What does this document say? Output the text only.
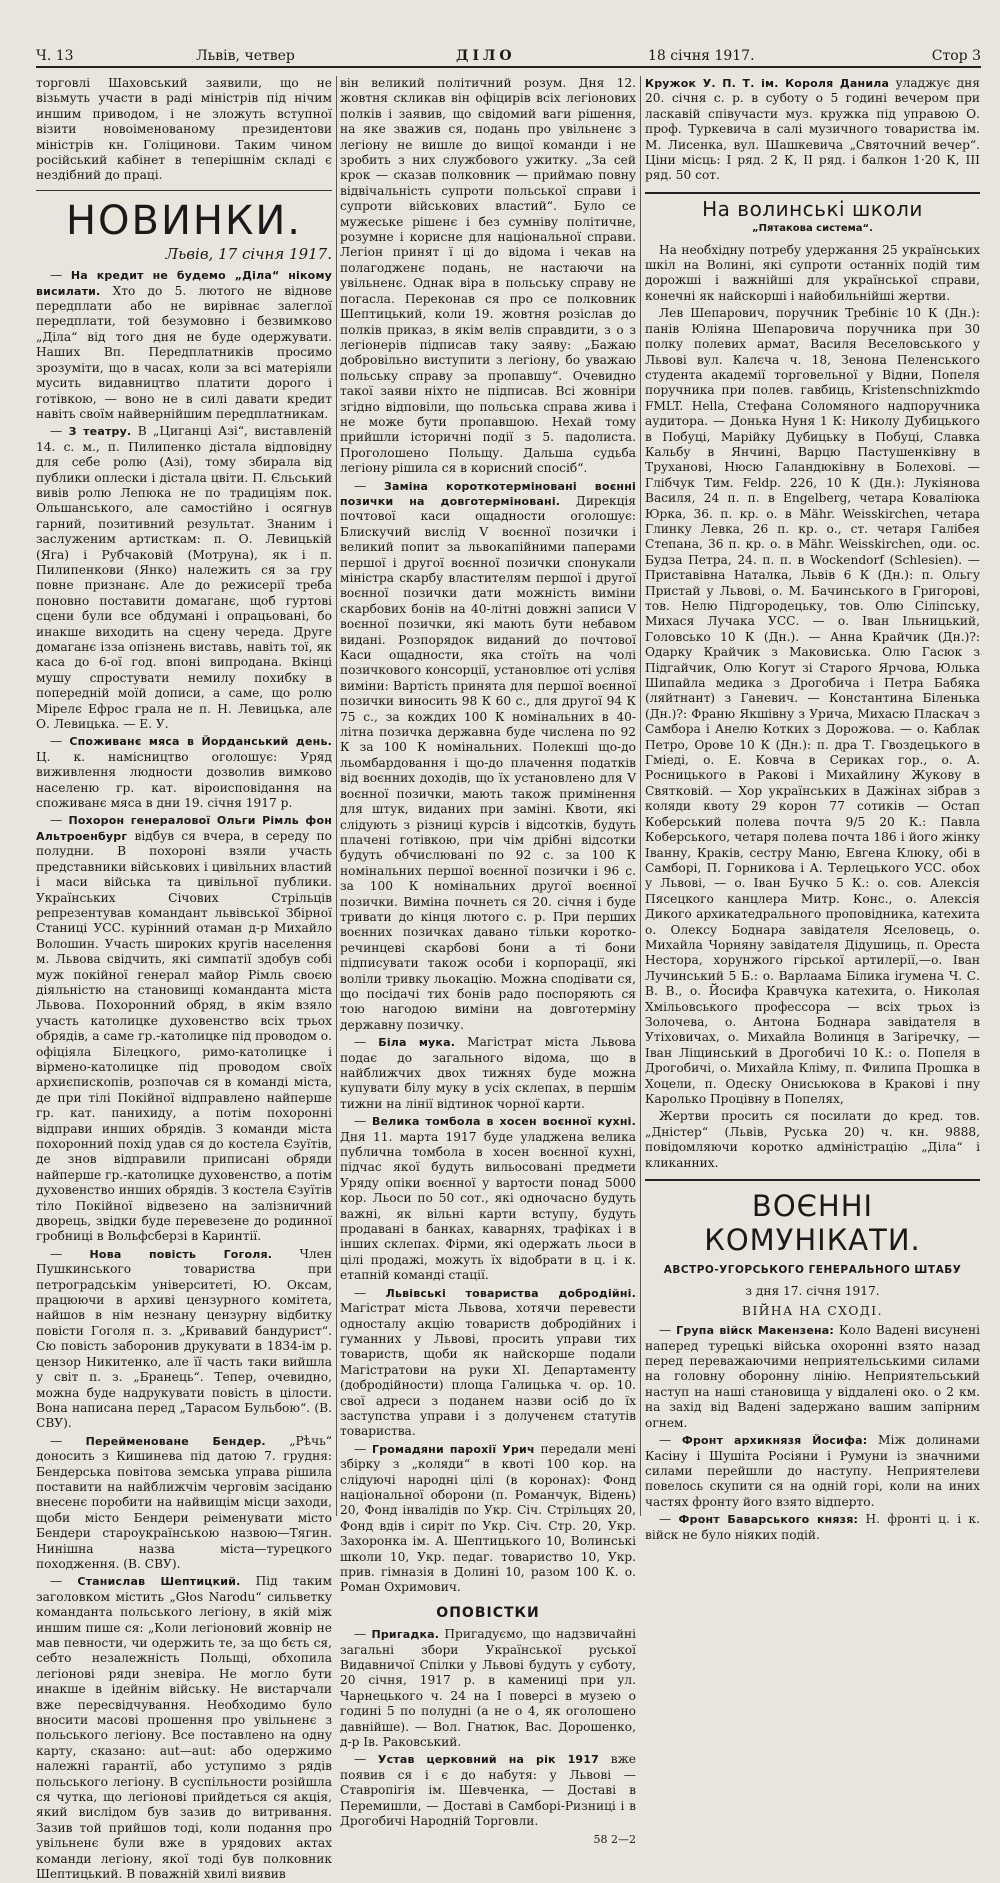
Ч. 13	Львів, четвер	ДІЛО	18 січня 1917.	Стор 3

торговлі Шаховський заявили, що не візьмуть участи в раді міністрів під нічим иншим приводом, і не зложуть вступної візити новоіменованому президентови міністрів кн. Голіцинови. Таким чином російський кабінет в теперішнім складі є нездібний до праці.

НОВИНКИ.
Львів, 17 січня 1917.

— На кредит не будемо „Діла“ нікому висилати. Хто до 5. лютого не віднове передплати або не вирівнає залеглої передплати, той безумовно і безвимково „Діла“ від того дня не буде одержувати. Наших Вп. Передплатників просимо зрозуміти, що в часах, коли за всі матеріяли мусить видавництво платити дорого і готівкою, — воно не в силі давати кредит навіть своїм найвернійшим передплатникам.

— З театру. В „Циганці Азі“, виставленій 14. с. м., п. Пилипенко дістала відповідну для себе ролю (Азі), тому збирала від публики оплески і дістала цвіти. П. Єльський вивів ролю Лепюка не по традиціям пок. Ольшанського, але самостійно і осягнув гарний, позитивний результат. Знаним і заслуженим артисткам: п. О. Левицькій (Яга) і Рубчаковій (Мотруна), як і п. Пилипенкови (Янко) належить ся за гру повне признанє. Але до режисерії треба поновно поставити домаганє, щоб гуртові сцени були все обдумані і опрацьовані, бо инакше виходить на сцену череда. Друге домаганє ізза опізнень виставь, навіть тої, як каса до 6-ої год. впоні випродана. Вкінці мушу спростувати немилу похибку в попередній моїй дописи, а саме, що ролю Мірелє Ефрос грала не п. Н. Левицька, але О. Левицька. — Е. У.

— Споживанє мяса в Йорданський день. Ц. к. намісництво оголошує: Уряд виживлення людности дозволив вимково населеню гр. кат. віроисповідання на споживанє мяса в дни 19. січня 1917 р.

— Похорон генералової Ольги Рімль фон Альтроенбург відбув ся вчера, в середу по полудни. В похороні взяли участь представники військових і цивільних властий і маси війська та цивільної публики. Українських Січових Стрільців репрезентував командант львівської Збірної Станиці УСС. курінний отаман д-р Михайло Волошин. Участь широких кругів населення м. Львова свідчить, які симпатії здобув собі муж покійної генерал майор Рімль своєю діяльністю на становищі команданта міста Львова. Похоронний обряд, в якім взяло участь католицке духовенство всіх трьох обрядів, а саме гр.-католицке під проводом о. офіціяла Білецкого, римо-католицке і вірмено-католицке під проводом своїх архиєпископів, розпочав ся в команді міста, де при тілі Покійної відправлено найперше гр. кат. панихиду, а потім похоронні відправи инших обрядів. З команди міста похоронний похід удав ся до костела Єзуїтів, де знов відправили приписані обряди найперше гр.-католицке духовенство, а потім духовенство инших обрядів. З костела Єзуїтів тіло Покійної відвезено на залізничний дворець, звідки буде перевезене до родинної гробниці в Вольфсберзі в Каринтії.

— Нова повість Гоголя. Член Пушкинського товариства при петроградськім університеті, Ю. Оксам, працюючи в архиві цензурного комітета, найшов в нім незнану цензурну відбитку повісти Гоголя п. з. „Кривавий бандурист“. Сю повість заборонив друкувати в 1834-ім р. цензор Никитенко, але її часть таки вийшла у світ п. з. „Бранець“. Тепер, очевидно, можна буде надрукувати повість в цілости. Вона написана перед „Тарасом Бульбою“. (В. СВУ).

— Перейменоване Бендер. „Рѣчь“ доносить з Кишинева під датою 7. грудня: Бендерська повітова земська управа рішила поставити на найближчім черговім засіданю внесенє поробити на найвищім місци заходи, щоби місто Бендери реіменувати місто Бендери староукраїнською назвою—Тягин. Нинішна назва міста—турецкого походження. (В. СВУ).

— Станислав Шептицкий. Під таким заголовком містить „Głos Narodu“ сильветку команданта польського легіону, в якій між иншим пише ся: „Коли легіоновий жовнір не мав певности, чи одержить те, за що бєть ся, себто незалежність Польщі, обхопила легіонові ряди зневіра. Не могло бути инакше в ідейнім війську. Не вистарчали вже пересвідчування. Необходимо було вносити масові прошення про увільненє з польського легіону. Все поставлено на одну карту, сказано: аut—аut: або одержимо належні гарантії, або уступимо з рядів польського легіону. В суспільности розійшла ся чутка, що легіонові прийдеться ся акція, який вислідом був зазив до витривання. Зазив той прийшов тоді, коли подання про увільненє були вже в урядових актах команди легіону, якої тоді був полковник Шептицький. В поважній хвилі виявив

він великий політичний розум. Дня 12. жовтня скликав він офіцирів всіх легіонових полків і заявив, що свідомий ваги рішення, на яке зважив ся, подань про увільненє з легіону не вишле до вищої команди і не зробить з них службового ужитку. „За сей крок — сказав полковник — приймаю повну відвічальність супроти польської справи і супроти військових властий“. Було се мужеське рішенє і без сумніву політичне, розумне і корисне для національної справи. Легіон принят ї ці до відома і чекав на полагодженє подань, не настаючи на увільненє. Однак віра в польську справу не погасла. Переконав ся про се полковник Шептицький, коли 19. жовтня розіслав до полків приказ, в якім велів справдити, з о з легіонерів підписав таку заяву: „Бажаю добровільно виступити з легіону, бо уважаю польську справу за пропавшу“. Очевидно такої заяви ніхто не підписав. Всі жовніри згідно відповіли, що польська справа жива і не може бути пропавшою. Нехай тому прийшли історичні події з 5. падолиста. Проголошено Польщу. Дальша судьба легіону рішила ся в корисний спосіб“.

— Заміна короткотерміновані воєнні позички на довготерміновані. Дирекція почтової каси ощадности оголошує: Блискучий вислід V воєнної позички і великий попит за львокапійними паперами першої і другої воєнної позички спонукали міністра скарбу властителям першої і другої воєнної позички дати можність виміни скарбових бонів на 40-літні довжні записи V воєнної позички, які мають бути небавом видані. Розпорядок виданий до почтової Каси ощадности, яка стоїть на чолі позичкового консорції, установлює оті услівя виміни: Вартість принята для першої воєнної позички виносить 98 К 60 с., для другої 94 К 75 с., за кождих 100 К номінальних в 40-літна позичка державна буде числена по 92 К за 100 К номінальних. Полекші що-до льомбардовання і що-до плачення податків від воєнних доходів, що їх установлено для V воєнної позички, мають також примінення для штук, виданих при заміні. Квоти, які слідують з різниці курсів і відсотків, будуть плачені готівкою, при чім дрібні відсотки будуть обчислювані по 92 с. за 100 К номінальних першої воєнної позички і 96 с. за 100 К номінальних другої воєнної позички. Виміна почнеть ся 20. січня і буде тривати до кінця лютого с. р. При перших воєнних позичках давано тільки коротко-речинцеві скарбові бони а ті бони підписувати також особи і корпорації, які воліли тривку льокацію. Можна сподівати ся, що посідачі тих бонів радо поспоряють ся тою нагодою виміни на довготерміну державну позичку.

— Біла мука. Магістрат міста Львова подає до загального відома, що в найближчих двох тижнях буде можна купувати білу муку в усіх склепах, в першім тижни на лінії відтинок чорної карти.

— Велика томбола в хосен воєнної кухні. Дня 11. марта 1917 буде уладжена велика публична томбола в хосен воєнної кухні, підчас якої будуть вильосовані предмети Уряду опіки воєнної у вартости понад 5000 кор. Льоси по 50 сот., які одночасно будуть важні, як вільні карти вступу, будуть продавані в банках, каварнях, трафіках і в інших склепах. Фірми, які одержать льоси в цілі продажі, можуть їх відобрати в ц. і к. етапній команді стації.

— Львівські товариства добродійні. Магістрат міста Львова, хотячи перевести односталу акцію товариств добродійних і гуманних у Львові, просить управи тих товариств, щоби як найскорше подали Магістратови на руки XI. Департаменту (добродійности) площа Галицька ч. ор. 10. свої адреси з поданем назви осіб до їх заступства управи і з долученєм статутів товариства.

— Громадяни парохії Урич передали мені збірку з „коляди“ в квоті 100 кор. на слідуючі народні цілі (в коронах): Фонд національної оборони (п. Романчук, Відень) 20, Фонд інвалідів по Укр. Січ. Стрільцях 20, Фонд вдів і сиріт по Укр. Січ. Стр. 20, Укр. Захоронка ім. А. Шептицького 10, Волинські школи 10, Укр. педаг. товариство 10, Укр. прив. гімназія в Долині 10, разом 100 К. о. Роман Охримович.

ОПОВІСТКИ

— Пригадка. Пригадуємо, що надзвичайні загальні збори Української руської Видавничої Спілки у Львові будуть у суботу, 20 січня, 1917 р. в камениці при ул. Чарнецького ч. 24 на І поверсі в музею о годині 5 по полудні (а не о 4, як оголошено давнійше). — Вол. Гнатюк, Вас. Дорошенко, д-р Ів. Раковський.

— Устав церковний на рік 1917 вже появив ся і є до набутя: у Львові — Ставропігія ім. Шевченка, — Доставі в Перемишли, — Доставі в Самборі-Ризниці і в Дрогобичі Народній Торговли.

58 2—2

Кружок У. П. Т. ім. Короля Данила уладжує дня 20. січня с. р. в суботу о 5 годині вечером при ласкавій співучасти муз. кружка під управою О. проф. Туркевича в салі музичного товариства ім. М. Лисенка, вул. Шашкевича „Святочний вечер“. Ціни місць: І ряд. 2 К, ІІ ряд. і балкон 1·20 К, ІІІ ряд. 50 сот.

На волинські школи
„Пятакова система“.

На необхідну потребу удержання 25 українських шкіл на Волині, які супроти останніх подій тим дорожші і важнійші для української справи, конечні як найскорші і найобильнійші жертви.

Лев Шепарович, поручник Требініє 10 К (Дн.): панів Юліяна Шепаровича поручника при 30 полку полевих армат, Василя Веселовського у Львові вул. Калєча ч. 18, Зенона Пеленського студента академії торговельної у Відни, Попеля поручника при полев. гавбиць, Kristenschnizkmdo FMLT. Hella, Стефана Соломяного надпоручника аудитора. — Донька Нуня 1 К: Николу Дубицького в Побуці, Марійку Дубицьку в Побуці, Славка Кальбу в Янчині, Варцю Пастушенківну в Труханові, Нюсю Галандюківну в Болехові. — Глібчук Тим. Feldp. 226, 10 К (Дн.): Лукіянова Василя, 24 п. п. в Engelberg, четара Коваліюка Юрка, 36. п. кр. о. в Mähr. Weisskirchen, четара Глинку Левка, 26 п. кр. о., ст. четаря Галібея Степана, 36 п. кр. о. в Mähr. Weisskirchen, оди. ос. Будза Петра, 24. п. п. в Wockendorf (Schlesien). — Приставівна Наталка, Львів 6 К (Дн.): п. Ольгу Пристай у Львові, о. М. Бачинського в Григорові, тов. Нелю Підгородецьку, тов. Олю Сіліпську, Михася Лучака УСС. — о. Іван Ільницький, Головсько 10 К (Дн.). — Анна Крайчик (Дн.)?: Одарку Крайчик з Маковиська. Олю Гасюк з Підгайчик, Олю Когут зі Старого Ярчова, Юлька Шипайла медика з Дрогобича і Петра Бабяка (ляйтнант) з Ганевич. — Константина Біленька (Дн.)?: Франю Якшівну з Урича, Михасю Пласкач з Самбора і Анелю Котких з Дорожова. — о. Каблак Петро, Орове 10 К (Дн.): п. дра Т. Гвоздецького в Гміеді, о. Е. Ковча в Сериках гор., о. А. Росницького в Ракові і Михайлину Жукову в Святковій. — Хор українських в Дажінах зібрав з коляди квоту 29 корон 77 сотиків — Остап Коберський полева почта 9/5 20 К.: Павла Коберського, четаря полева почта 186 і його жінку Іванну, Краків, сестру Маню, Евгена Клюку, обі в Самборі, П. Горникова і А. Терлецького УСС. обох у Львові, — о. Іван Бучко 5 К.: о. сов. Алексія Пясецкого канцлера Митр. Конс., о. Алексія Дикого архикатедрального проповідника, катехита о. Олексу Боднара завідателя Яселовець, о. Михайла Чорняну завідателя Дідушиць, п. Ореста Нестора, хорунжого гірської артилерії,—о. Іван Лучинський 5 Б.: о. Варлаама Білика ігумена Ч. С. В. В., о. Йосифа Кравчука катехита, о. Николая Хмільовського профессора — всіх трьох із Золочева, о. Антона Боднара завідателя в Утіховичах, о. Михайла Волинця в Загіречку, — Іван Ліщинський в Дрогобичі 10 К.: о. Попеля в Дрогобичі, о. Михайла Кліму, п. Филипа Прошка в Хоцели, п. Одеску Онисьюкова в Кракові і пну Каролько Процівну в Попелях,

Жертви просить ся посилати до кред. тов. „Дністер“ (Львів, Руська 20) ч. кн. 9888, повідомляючи коротко адміністрацію „Діла“ і кликанних.

ВОЄННІ КОМУНІКАТИ.
АВСТРО-УГОРСЬКОГО ГЕНЕРАЛЬНОГО ШТАБУ

з дня 17. січня 1917.

ВІЙНА НА СХОДІ.

— Група війск Макензена: Коло Вадені висунені наперед турецькі війська охоронні взято назад перед переважаючими неприятельськими силами на головну оборонну лінію. Неприятельський наступ на наші становища у віддалені око. о 2 км. на захід від Вадені задержано вашим запірним огнем.

— Фронт архикнязя Йосифа: Між долинами Касіну і Шушіта Росіяни і Румуни із значними силами перейшли до наступу. Неприятелеви повелось скупити ся на одній горі, коли на иних частях фронту його взято відперто.

— Фронт Баварського князя: Н. фронті ц. і к. війск не було ніяких подій.
